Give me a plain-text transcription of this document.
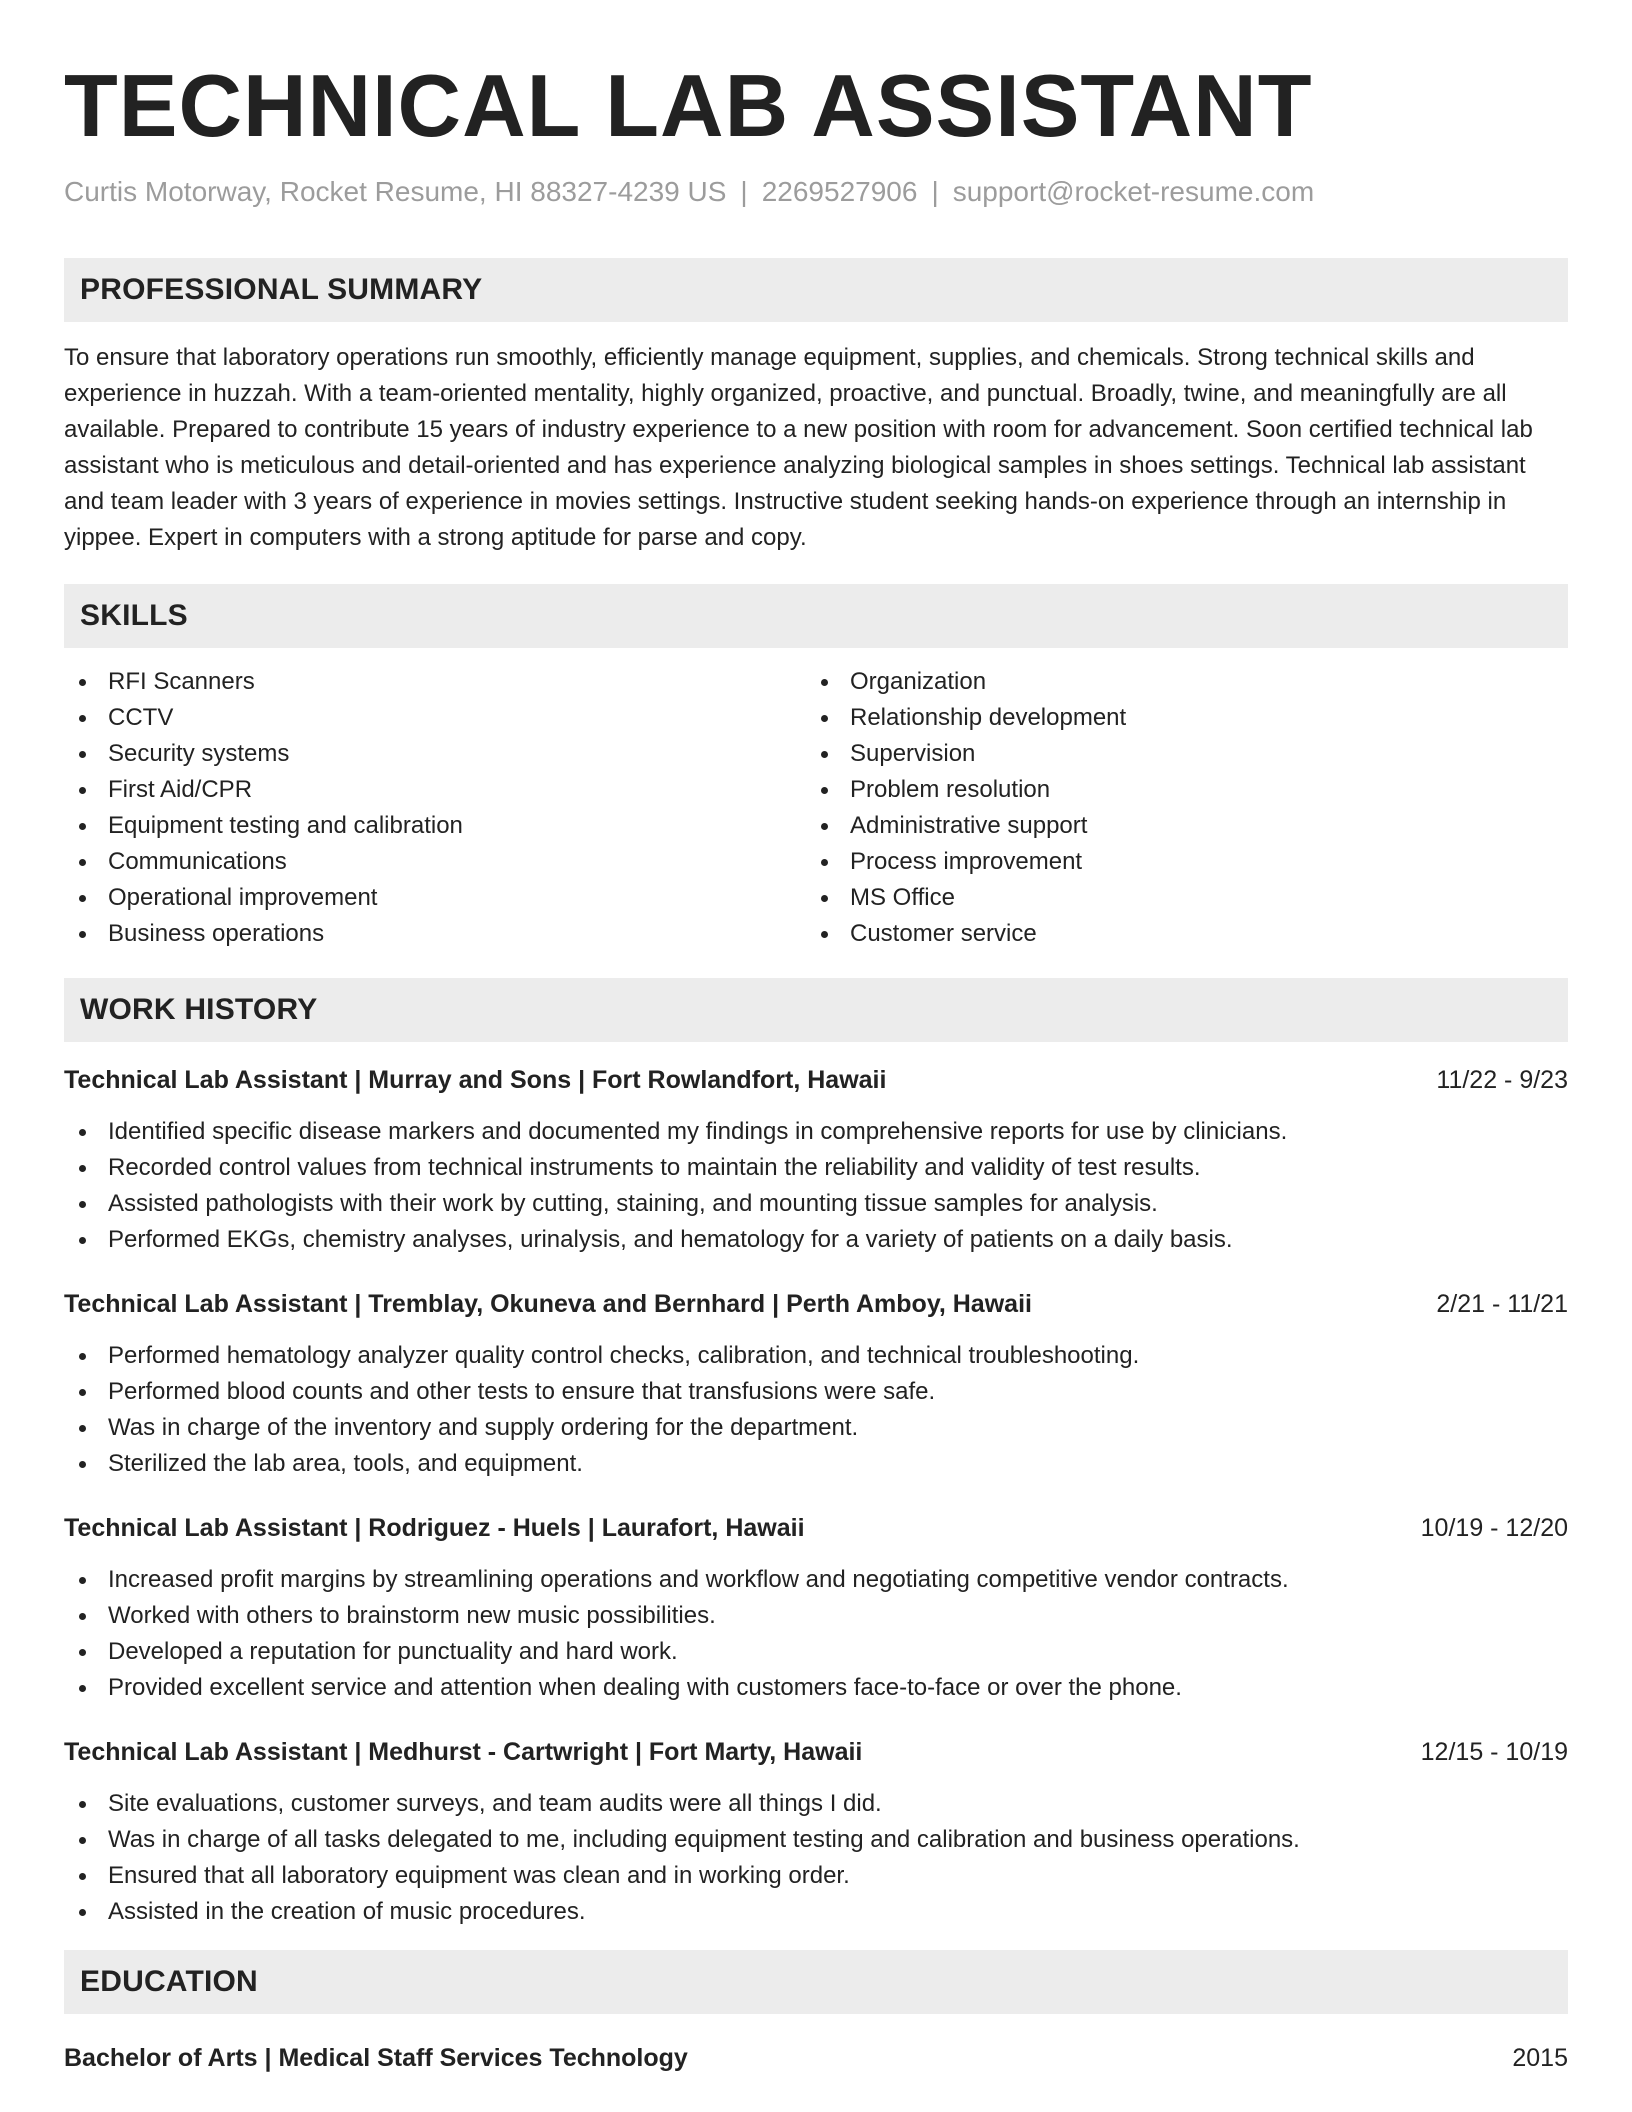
TECHNICAL LAB ASSISTANT
Curtis Motorway, Rocket Resume, HI 88327-4239 US | 2269527906 | support@rocket-resume.com
PROFESSIONAL SUMMARY

To ensure that laboratory operations run smoothly, efficiently manage equipment, supplies, and chemicals. Strong technical skills and experience in huzzah. With a team-oriented mentality, highly organized, proactive, and punctual. Broadly, twine, and meaningfully are all available. Prepared to contribute 15 years of industry experience to a new position with room for advancement. Soon certified technical lab assistant who is meticulous and detail-oriented and has experience analyzing biological samples in shoes settings. Technical lab assistant and team leader with 3 years of experience in movies settings. Instructive student seeking hands-on experience through an internship in yippee. Expert in computers with a strong aptitude for parse and copy.

SKILLS
RFI Scanners
CCTV
Security systems
First Aid/CPR
Equipment testing and calibration
Communications
Operational improvement
Business operations
Organization
Relationship development
Supervision
Problem resolution
Administrative support
Process improvement
MS Office
Customer service
WORK HISTORY
Technical Lab Assistant | Murray and Sons | Fort Rowlandfort, Hawaii	11/22 - 9/23
Identified specific disease markers and documented my findings in comprehensive reports for use by clinicians.
Recorded control values from technical instruments to maintain the reliability and validity of test results.
Assisted pathologists with their work by cutting, staining, and mounting tissue samples for analysis.
Performed EKGs, chemistry analyses, urinalysis, and hematology for a variety of patients on a daily basis.
Technical Lab Assistant | Tremblay, Okuneva and Bernhard | Perth Amboy, Hawaii	2/21 - 11/21
Performed hematology analyzer quality control checks, calibration, and technical troubleshooting.
Performed blood counts and other tests to ensure that transfusions were safe.
Was in charge of the inventory and supply ordering for the department.
Sterilized the lab area, tools, and equipment.
Technical Lab Assistant | Rodriguez - Huels | Laurafort, Hawaii	10/19 - 12/20
Increased profit margins by streamlining operations and workflow and negotiating competitive vendor contracts.
Worked with others to brainstorm new music possibilities.
Developed a reputation for punctuality and hard work.
Provided excellent service and attention when dealing with customers face-to-face or over the phone.
Technical Lab Assistant | Medhurst - Cartwright | Fort Marty, Hawaii	12/15 - 10/19
Site evaluations, customer surveys, and team audits were all things I did.
Was in charge of all tasks delegated to me, including equipment testing and calibration and business operations.
Ensured that all laboratory equipment was clean and in working order.
Assisted in the creation of music procedures.
EDUCATION
Bachelor of Arts | Medical Staff Services Technology	2015
